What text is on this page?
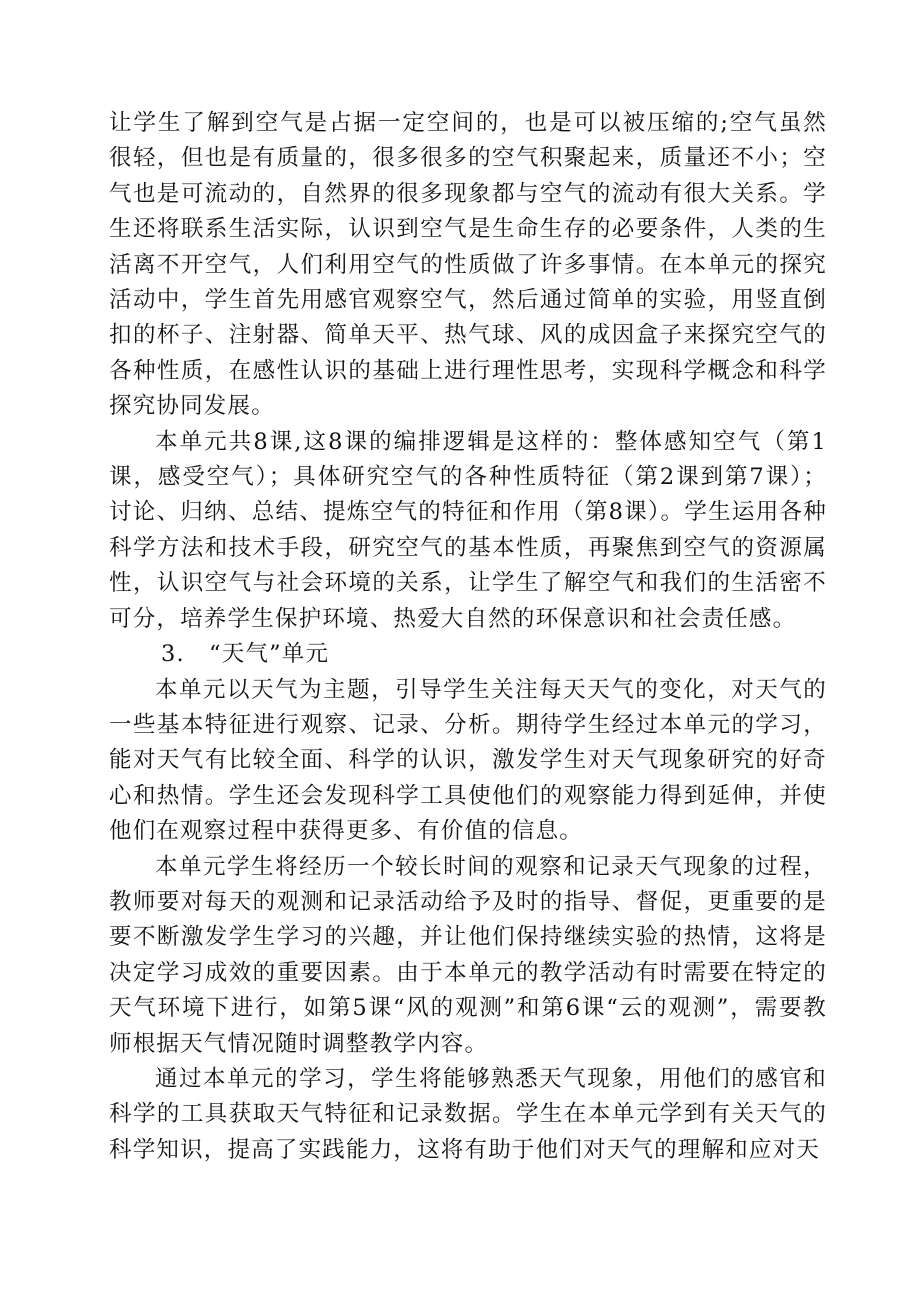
让学生了解到空气是占据一定空间的，也是可以被压缩的;空气虽然很轻，但也是有质量的，很多很多的空气积聚起来，质量还不小；空气也是可流动的，自然界的很多现象都与空气的流动有很大关系。学生还将联系生活实际，认识到空气是生命生存的必要条件，人类的生活离不开空气，人们利用空气的性质做了许多事情。在本单元的探究活动中，学生首先用感官观察空气，然后通过简单的实验，用竖直倒扣的杯子、注射器、简单天平、热气球、风的成因盒子来探究空气的各种性质，在感性认识的基础上进行理性思考，实现科学概念和科学探究协同发展。

本单元共8课,这8课的编排逻辑是这样的：整体感知空气（第1课，感受空气）；具体研究空气的各种性质特征（第2课到第7课）；讨论、归纳、总结、提炼空气的特征和作用（第8课）。学生运用各种科学方法和技术手段，研究空气的基本性质，再聚焦到空气的资源属性，认识空气与社会环境的关系，让学生了解空气和我们的生活密不可分，培养学生保护环境、热爱大自然的环保意识和社会责任感。

3. “天气”单元

本单元以天气为主题，引导学生关注每天天气的变化，对天气的一些基本特征进行观察、记录、分析。期待学生经过本单元的学习，能对天气有比较全面、科学的认识，激发学生对天气现象研究的好奇心和热情。学生还会发现科学工具使他们的观察能力得到延伸，并使他们在观察过程中获得更多、有价值的信息。

本单元学生将经历一个较长时间的观察和记录天气现象的过程，教师要对每天的观测和记录活动给予及时的指导、督促，更重要的是要不断激发学生学习的兴趣，并让他们保持继续实验的热情，这将是决定学习成效的重要因素。由于本单元的教学活动有时需要在特定的天气环境下进行，如第5课“风的观测”和第6课“云的观测”，需要教师根据天气情况随时调整教学内容。

通过本单元的学习，学生将能够熟悉天气现象，用他们的感官和科学的工具获取天气特征和记录数据。学生在本单元学到有关天气的科学知识，提高了实践能力，这将有助于他们对天气的理解和应对天
